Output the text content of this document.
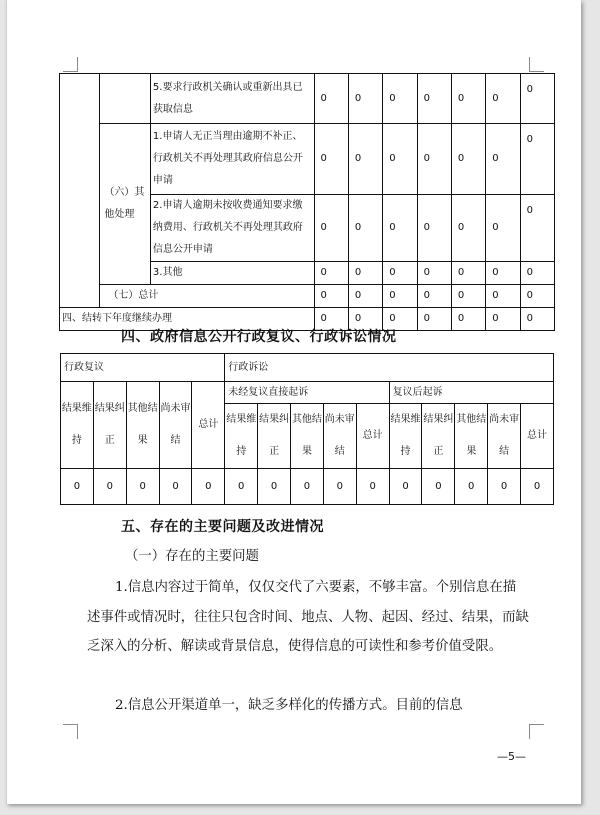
		5.要求行政机关确认或重新出具已获取信息	0	0	0	0	0	0	0
	（六）其他处理	1.申请人无正当理由逾期不补正、行政机关不再处理其政府信息公开申请	0	0	0	0	0	0	0
		2.申请人逾期未按收费通知要求缴纳费用、行政机关不再处理其政府信息公开申请	0	0	0	0	0	0	0
		3.其他	0	0	0	0	0	0	0
	（七）总计		0	0	0	0	0	0	0
四、结转下年度继续办理			0	0	0	0	0	0	0
四、政府信息公开行政复议、行政诉讼情况
行政复议					行政诉讼									
结果维持	结果纠正	其他结果	尚未审结	总计	未经复议直接起诉					复议后起诉				
					结果维持	结果纠正	其他结果	尚未审结	总计	结果维持	结果纠正	其他结果	尚未审结	总计
0	0	0	0	0	0	0	0	0	0	0	0	0	0	0
五、存在的主要问题及改进情况
（一）存在的主要问题

1.信息内容过于简单，仅仅交代了六要素，不够丰富。个别信息在描述事件或情况时，往往只包含时间、地点、人物、起因、经过、结果，而缺乏深入的分析、解读或背景信息，使得信息的可读性和参考价值受限。

2.信息公开渠道单一，缺乏多样化的传播方式。目前的信息

—5—
